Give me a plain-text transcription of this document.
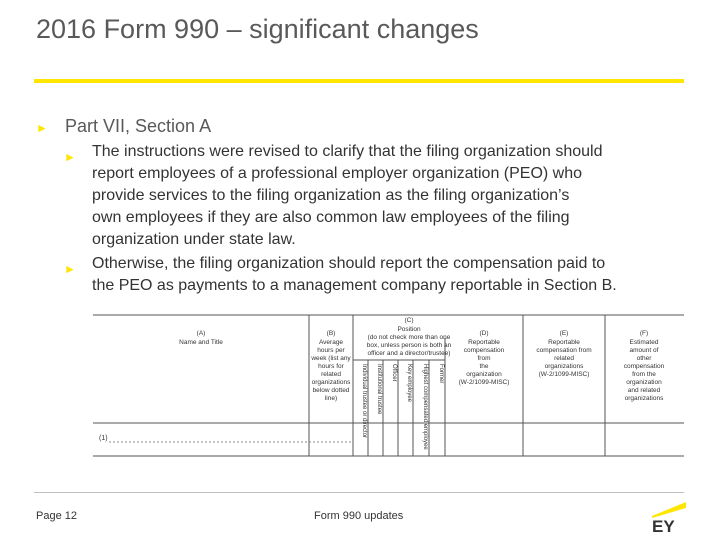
2016 Form 990 – significant changes
► Part VII, Section A
► The instructions were revised to clarify that the filing organization should
report employees of a professional employer organization (PEO) who
provide services to the filing organization as the filing organization’s
own employees if they are also common law employees of the filing
organization under state law.
► Otherwise, the filing organization should report the compensation paid to
the PEO as payments to a management company reportable in Section B.
(A)
Name and Title
(B)
Average
hours per
week (list any
hours for
related
organizations
below dotted
line)
(C)
Position
(do not check more than one
box, unless person is both an
officer and a director/trustee)
(D)
Reportable
compensation
from
the
organization
(W-2/1099-MISC)
(E)
Reportable
compensation from
related
organizations
(W-2/1099-MISC)
(F)
Estimated
amount of
other
compensation
from the
organization
and related
organizations
Individual trustee or director Institutional trustee Officer Key employee Highest compensated employee Former
(1)
Page 12	Form 990 updates
EY
